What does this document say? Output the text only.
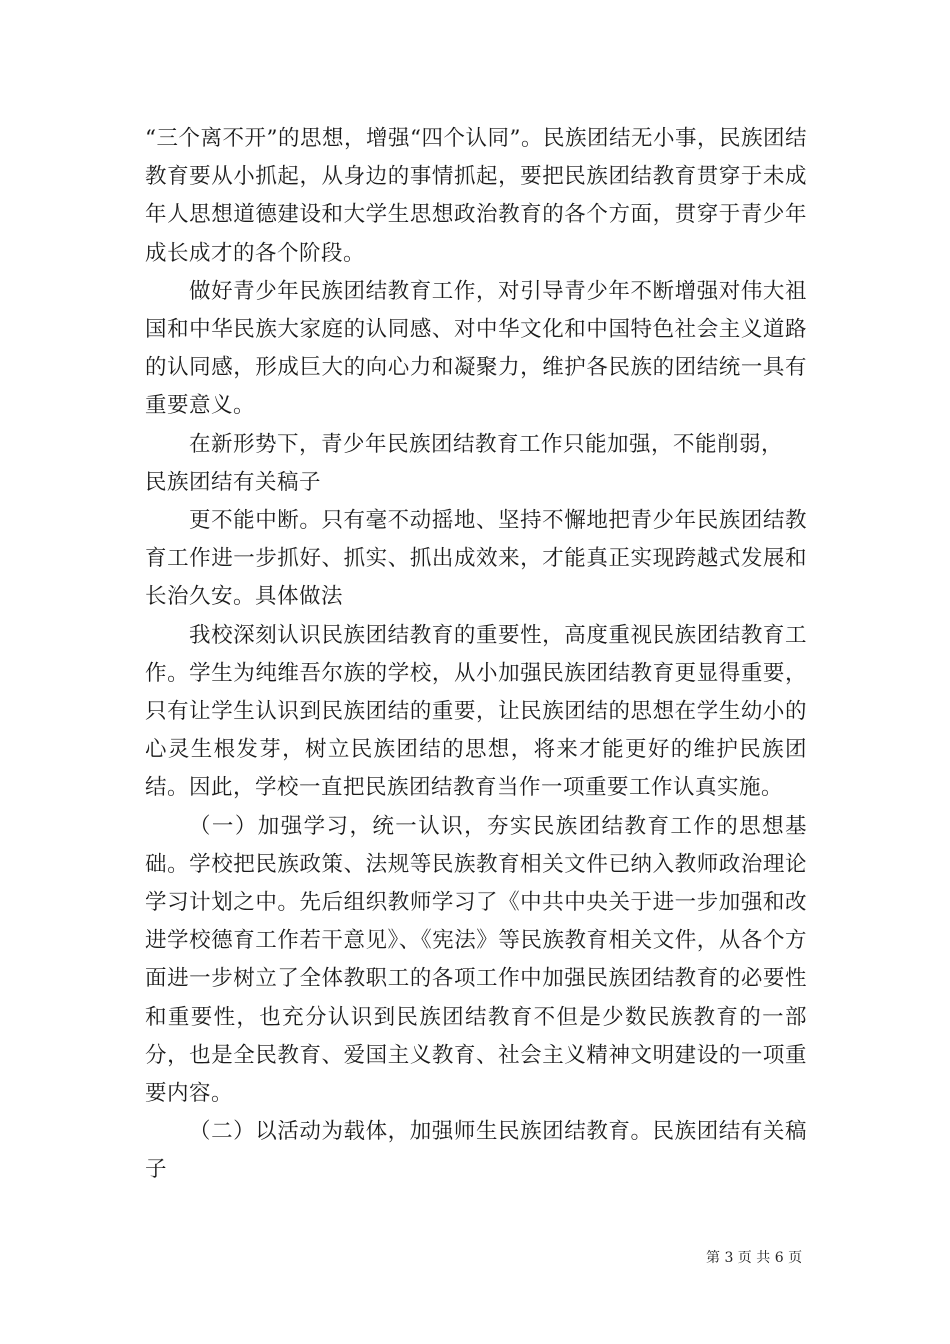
“三个离不开”的思想，增强“四个认同”。民族团结无小事，民族团结教育要从小抓起，从身边的事情抓起，要把民族团结教育贯穿于未成年人思想道德建设和大学生思想政治教育的各个方面，贯穿于青少年成长成才的各个阶段。

做好青少年民族团结教育工作，对引导青少年不断增强对伟大祖国和中华民族大家庭的认同感、对中华文化和中国特色社会主义道路的认同感，形成巨大的向心力和凝聚力，维护各民族的团结统一具有重要意义。

在新形势下，青少年民族团结教育工作只能加强，不能削弱，

民族团结有关稿子

更不能中断。只有毫不动摇地、坚持不懈地把青少年民族团结教育工作进一步抓好、抓实、抓出成效来，才能真正实现跨越式发展和长治久安。具体做法

我校深刻认识民族团结教育的重要性，高度重视民族团结教育工作。学生为纯维吾尔族的学校，从小加强民族团结教育更显得重要，只有让学生认识到民族团结的重要，让民族团结的思想在学生幼小的心灵生根发芽，树立民族团结的思想，将来才能更好的维护民族团结。因此，学校一直把民族团结教育当作一项重要工作认真实施。

（一）加强学习，统一认识，夯实民族团结教育工作的思想基础。学校把民族政策、法规等民族教育相关文件已纳入教师政治理论学习计划之中。先后组织教师学习了《中共中央关于进一步加强和改进学校德育工作若干意见》、《宪法》等民族教育相关文件，从各个方面进一步树立了全体教职工的各项工作中加强民族团结教育的必要性和重要性，也充分认识到民族团结教育不但是少数民族教育的一部分，也是全民教育、爱国主义教育、社会主义精神文明建设的一项重要内容。

（二）以活动为载体，加强师生民族团结教育。民族团结有关稿子

第 3 页 共 6 页
